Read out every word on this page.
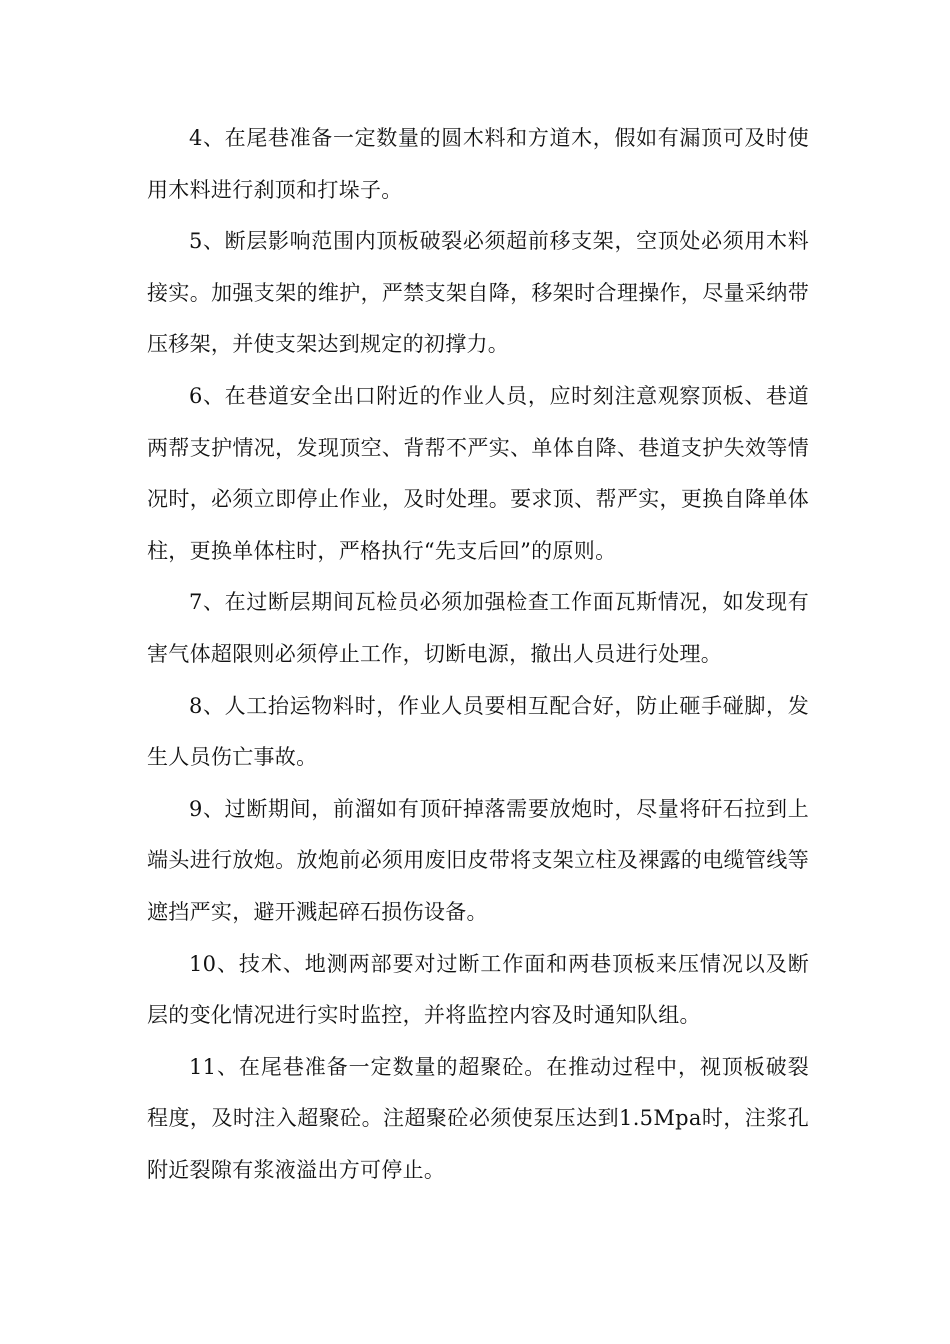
4、在尾巷准备一定数量的圆木料和方道木，假如有漏顶可及时使用木料进行刹顶和打垛子。

5、断层影响范围内顶板破裂必须超前移支架，空顶处必须用木料接实。加强支架的维护，严禁支架自降，移架时合理操作，尽量采纳带压移架，并使支架达到规定的初撑力。

6、在巷道安全出口附近的作业人员，应时刻注意观察顶板、巷道两帮支护情况，发现顶空、背帮不严实、单体自降、巷道支护失效等情况时，必须立即停止作业，及时处理。要求顶、帮严实，更换自降单体柱，更换单体柱时，严格执行“先支后回”的原则。

7、在过断层期间瓦检员必须加强检查工作面瓦斯情况，如发现有害气体超限则必须停止工作，切断电源，撤出人员进行处理。

8、人工抬运物料时，作业人员要相互配合好，防止砸手碰脚，发生人员伤亡事故。

9、过断期间，前溜如有顶矸掉落需要放炮时，尽量将矸石拉到上端头进行放炮。放炮前必须用废旧皮带将支架立柱及裸露的电缆管线等遮挡严实，避开溅起碎石损伤设备。

10、技术、地测两部要对过断工作面和两巷顶板来压情况以及断层的变化情况进行实时监控，并将监控内容及时通知队组。

11、在尾巷准备一定数量的超聚砼。在推动过程中，视顶板破裂程度，及时注入超聚砼。注超聚砼必须使泵压达到1.5Mpa时，注浆孔附近裂隙有浆液溢出方可停止。
